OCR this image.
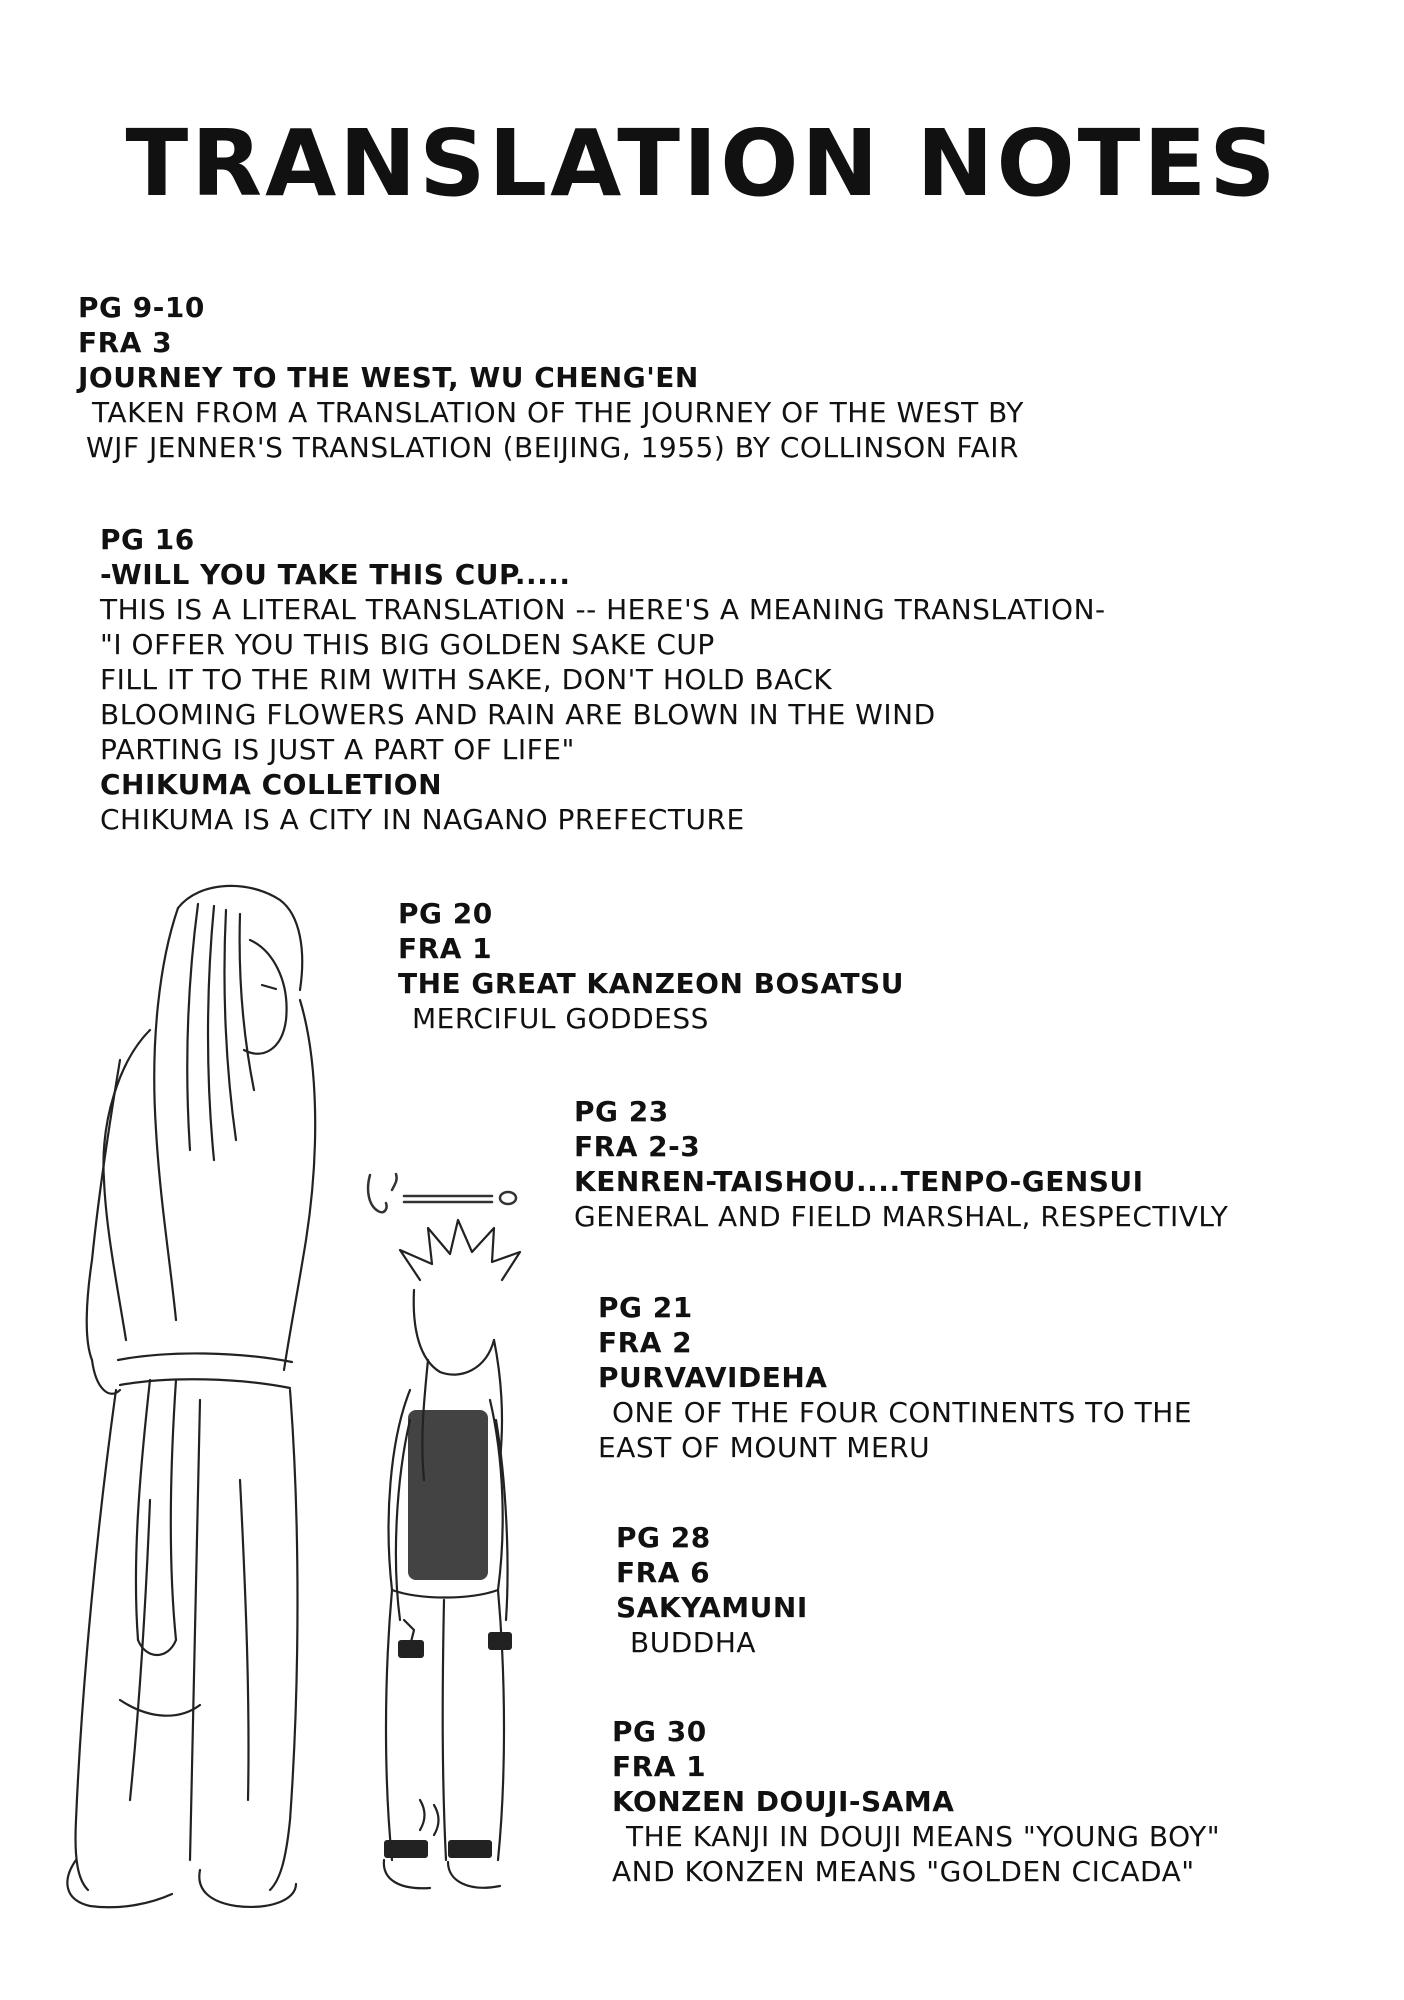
TRANSLATION NOTES
PG 9-10
FRA 3
JOURNEY TO THE WEST, WU CHENG'EN
TAKEN FROM A TRANSLATION OF THE JOURNEY OF THE WEST BY
WJF JENNER'S TRANSLATION (BEIJING, 1955) BY COLLINSON FAIR
PG 16
-WILL YOU TAKE THIS CUP.....
THIS IS A LITERAL TRANSLATION -- HERE'S A MEANING TRANSLATION-
"I OFFER YOU THIS BIG GOLDEN SAKE CUP
FILL IT TO THE RIM WITH SAKE, DON'T HOLD BACK
BLOOMING FLOWERS AND RAIN ARE BLOWN IN THE WIND
PARTING IS JUST A PART OF LIFE"
CHIKUMA COLLETION
CHIKUMA IS A CITY IN NAGANO PREFECTURE
PG 20
FRA 1
THE GREAT KANZEON BOSATSU
MERCIFUL GODDESS
PG 23
FRA 2-3
KENREN-TAISHOU....TENPO-GENSUI
GENERAL AND FIELD MARSHAL, RESPECTIVLY
PG 21
FRA 2
PURVAVIDEHA
ONE OF THE FOUR CONTINENTS TO THE
EAST OF MOUNT MERU
PG 28
FRA 6
SAKYAMUNI
BUDDHA
PG 30
FRA 1
KONZEN DOUJI-SAMA
THE KANJI IN DOUJI MEANS "YOUNG BOY"
AND KONZEN MEANS "GOLDEN CICADA"
